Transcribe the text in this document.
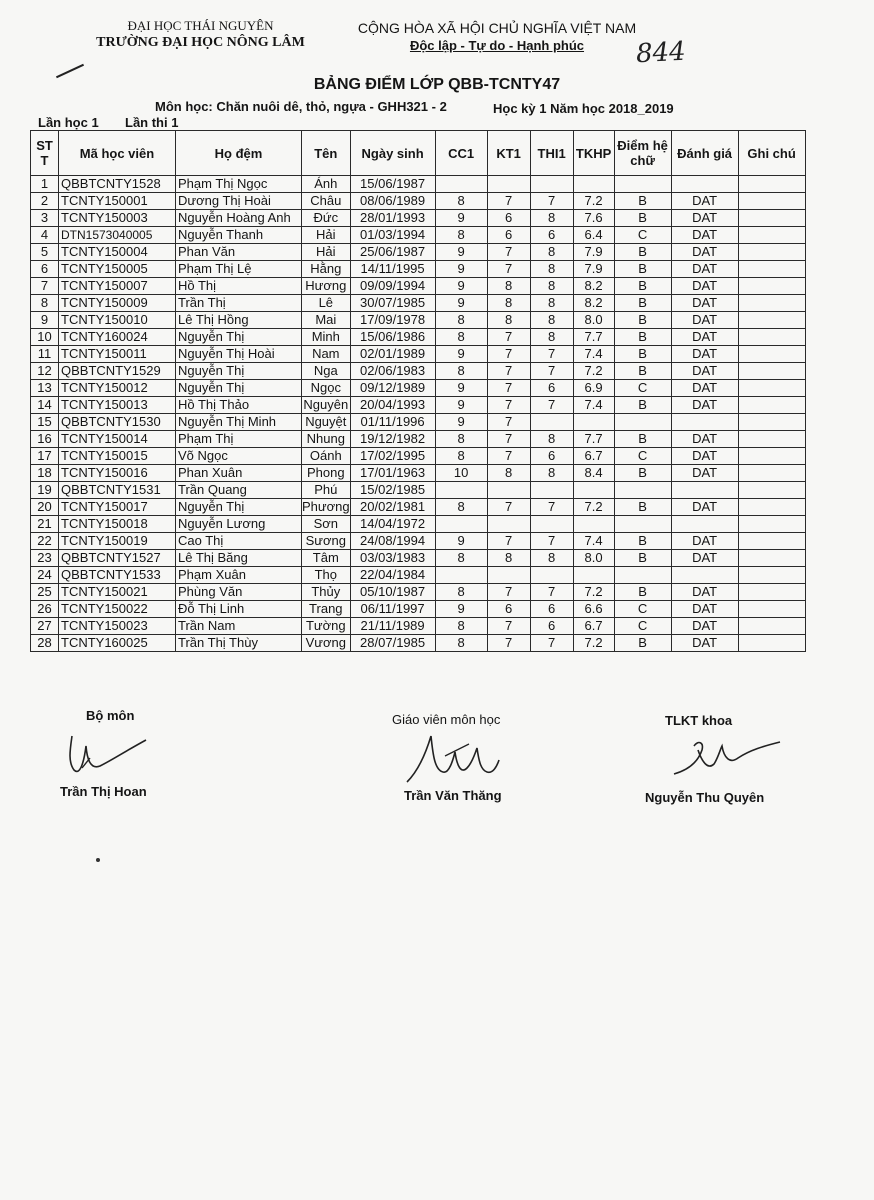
ĐẠI HỌC THÁI NGUYÊN
TRƯỜNG ĐẠI HỌC NÔNG LÂM
CỘNG HÒA XÃ HỘI CHỦ NGHĨA VIỆT NAM
Độc lập - Tự do - Hạnh phúc	844
BẢNG ĐIỂM LỚP QBB-TCNTY47
Môn học: Chăn nuôi dê, thỏ, ngựa - GHH321 - 2	Học kỳ 1 Năm học 2018_2019
Lần học 1 Lần thi 1
ST T	Mã học viên	Họ đệm	Tên	Ngày sinh	CC1	KT1	THI1	TKHP	Điểm hệ chữ	Đánh giá	Ghi chú
1	QBBTCNTY1528	Phạm Thị Ngọc	Ánh	15/06/1987							
2	TCNTY150001	Dương Thị Hoài	Châu	08/06/1989	8	7	7	7.2	B	DAT	
3	TCNTY150003	Nguyễn Hoàng Anh	Đức	28/01/1993	9	6	8	7.6	B	DAT	
4	DTN1573040005	Nguyễn Thanh	Hải	01/03/1994	8	6	6	6.4	C	DAT	
5	TCNTY150004	Phan Văn	Hải	25/06/1987	9	7	8	7.9	B	DAT	
6	TCNTY150005	Phạm Thị Lệ	Hằng	14/11/1995	9	7	8	7.9	B	DAT	
7	TCNTY150007	Hồ Thị	Hương	09/09/1994	9	8	8	8.2	B	DAT	
8	TCNTY150009	Trần Thị	Lê	30/07/1985	9	8	8	8.2	B	DAT	
9	TCNTY150010	Lê Thị Hồng	Mai	17/09/1978	8	8	8	8.0	B	DAT	
10	TCNTY160024	Nguyễn Thị	Minh	15/06/1986	8	7	8	7.7	B	DAT	
11	TCNTY150011	Nguyễn Thị Hoài	Nam	02/01/1989	9	7	7	7.4	B	DAT	
12	QBBTCNTY1529	Nguyễn Thị	Nga	02/06/1983	8	7	7	7.2	B	DAT	
13	TCNTY150012	Nguyễn Thị	Ngọc	09/12/1989	9	7	6	6.9	C	DAT	
14	TCNTY150013	Hồ Thị Thảo	Nguyên	20/04/1993	9	7	7	7.4	B	DAT	
15	QBBTCNTY1530	Nguyễn Thị Minh	Nguyệt	01/11/1996	9	7					
16	TCNTY150014	Phạm Thị	Nhung	19/12/1982	8	7	8	7.7	B	DAT	
17	TCNTY150015	Võ Ngọc	Oánh	17/02/1995	8	7	6	6.7	C	DAT	
18	TCNTY150016	Phan Xuân	Phong	17/01/1963	10	8	8	8.4	B	DAT	
19	QBBTCNTY1531	Trần Quang	Phú	15/02/1985							
20	TCNTY150017	Nguyễn Thị	Phương	20/02/1981	8	7	7	7.2	B	DAT	
21	TCNTY150018	Nguyễn Lương	Sơn	14/04/1972							
22	TCNTY150019	Cao Thị	Sương	24/08/1994	9	7	7	7.4	B	DAT	
23	QBBTCNTY1527	Lê Thị Băng	Tâm	03/03/1983	8	8	8	8.0	B	DAT	
24	QBBTCNTY1533	Phạm Xuân	Thọ	22/04/1984							
25	TCNTY150021	Phùng Văn	Thủy	05/10/1987	8	7	7	7.2	B	DAT	
26	TCNTY150022	Đỗ Thị Linh	Trang	06/11/1997	9	6	6	6.6	C	DAT	
27	TCNTY150023	Trần Nam	Tường	21/11/1989	8	7	6	6.7	C	DAT	
28	TCNTY160025	Trần Thị Thùy	Vương	28/07/1985	8	7	7	7.2	B	DAT	
Bộ môn	Giáo viên môn học	TLKT khoa
Trần Thị Hoan	Trần Văn Thăng	Nguyễn Thu Quyên
